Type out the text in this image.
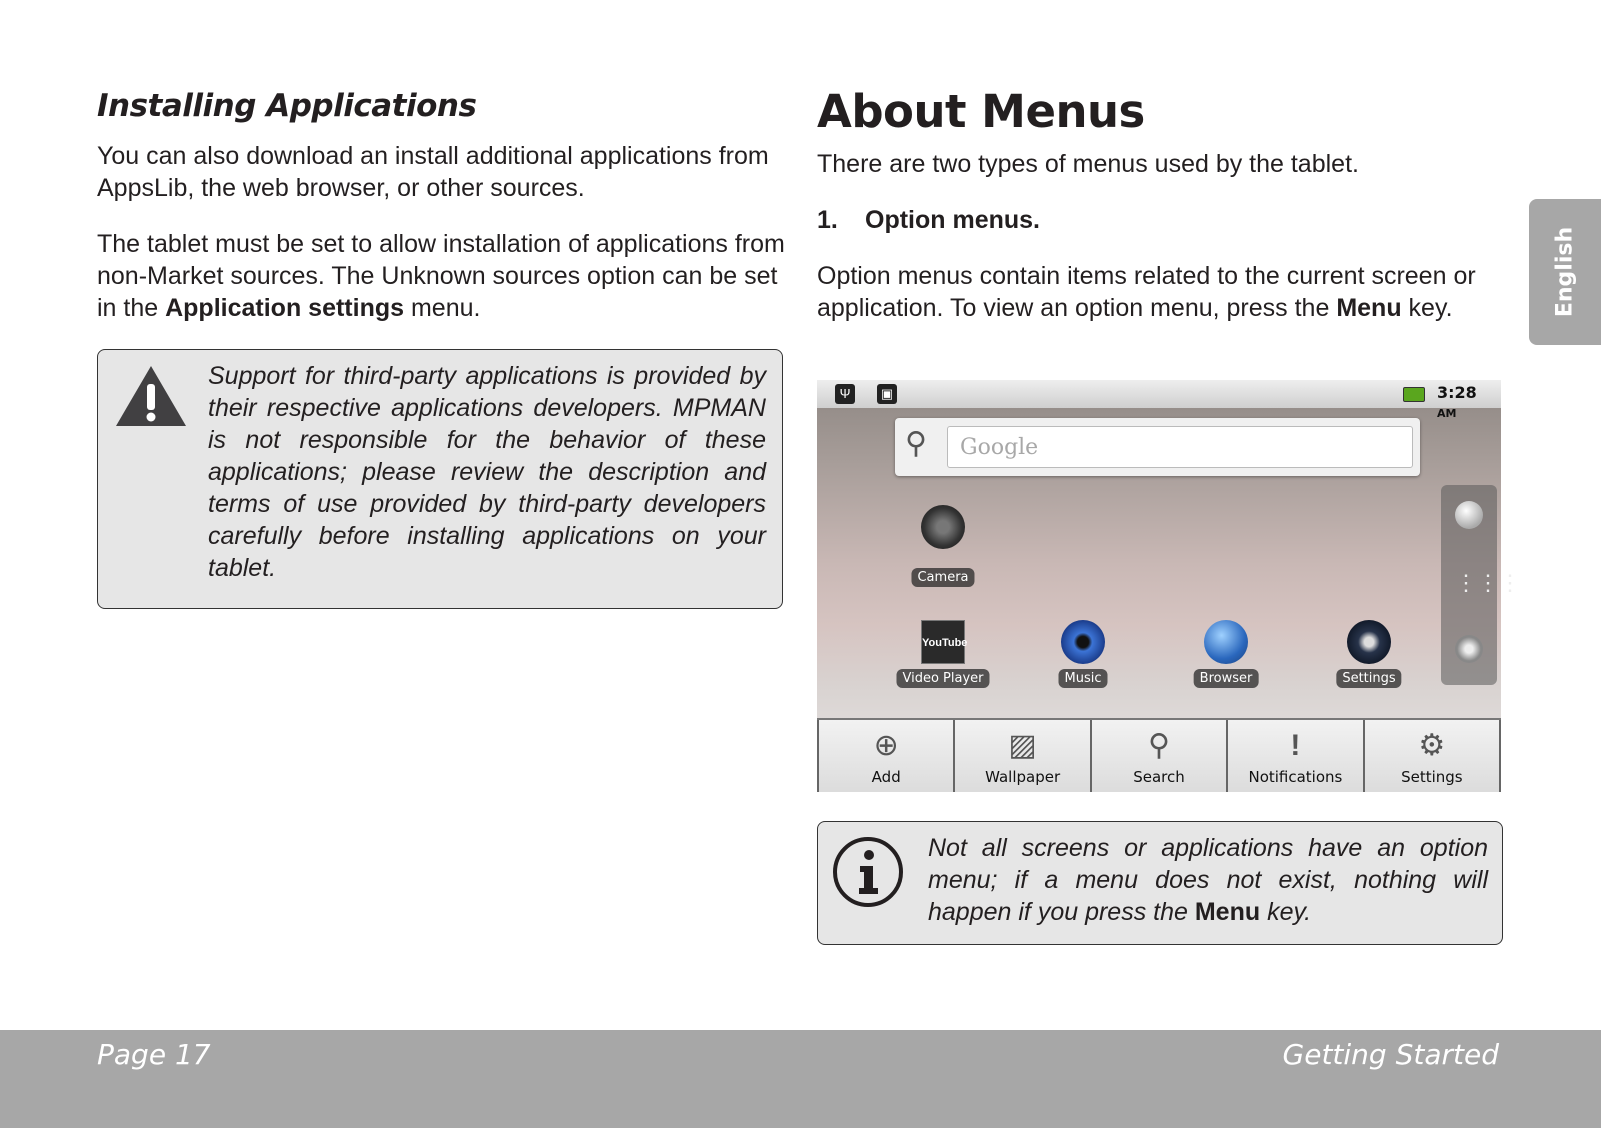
Installing Applications
You can also download an install additional applications from AppsLib, the web browser, or other sources.
The tablet must be set to allow installation of applications from non-Market sources. The Unknown sources option can be set in the Application settings menu.
Support for third-party applications is provided by their respective applications developers. MPMAN is not responsible for the behavior of these applications; please review the description and terms of use provided by third-party developers carefully before installing applications on your tablet.
About Menus
There are two types of menus used by the tablet.
1. Option menus.
Option menus contain items related to the current screen or application. To view an option menu, press the Menu key.	English
Ψ	▣	3:28 AM
⚲ Google
Camera
YouTube
Video Player	Music	Browser	Settings
⋮⋮⋮
⊕
Add
▨
Wallpaper
⚲
Search
!
Notifications
⚙
Settings
Not all screens or applications have an option menu; if a menu does not exist, nothing will happen if you press the Menu key.
Page 17	Getting Started
